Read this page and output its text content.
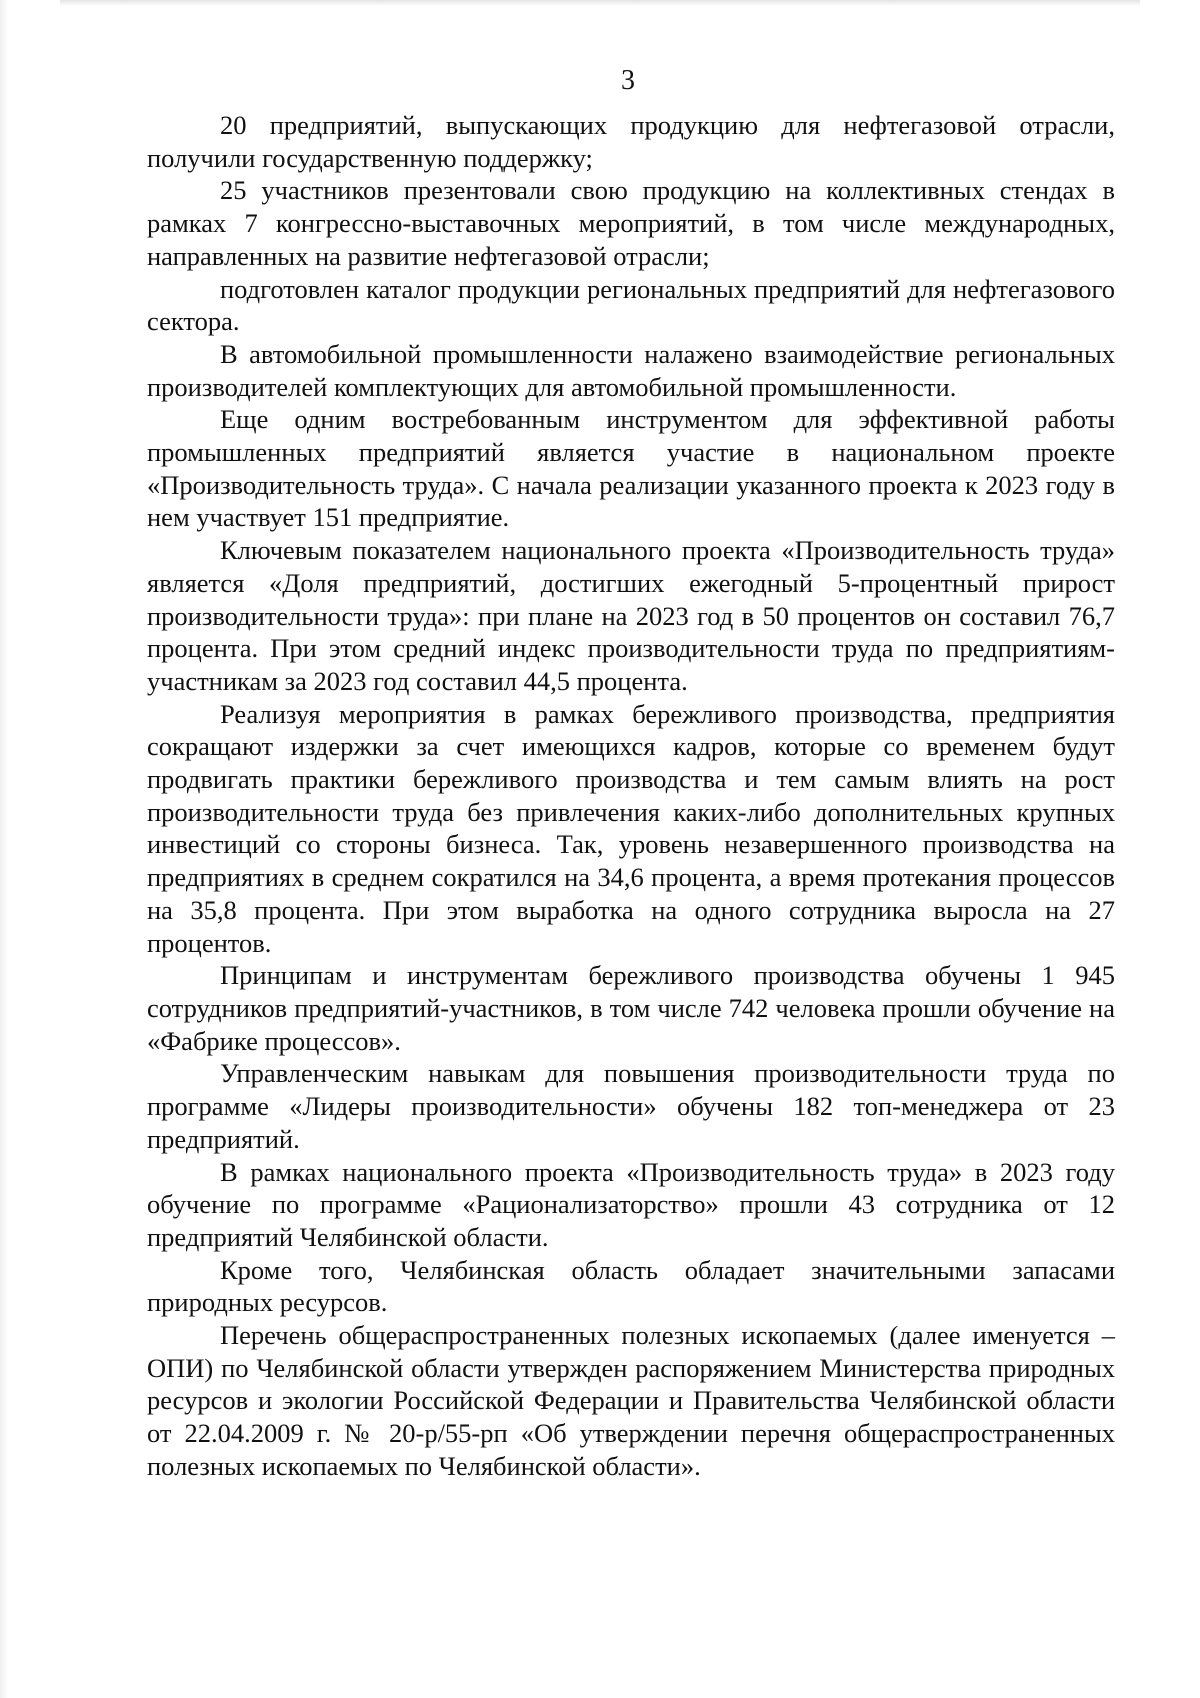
3

20 предприятий, выпускающих продукцию для нефтегазовой отрасли, получили государственную поддержку;

25 участников презентовали свою продукцию на коллективных стендах в рамках 7 конгрессно-выставочных мероприятий, в том числе международных, направленных на развитие нефтегазовой отрасли;

подготовлен каталог продукции региональных предприятий для нефтегазового сектора.

В автомобильной промышленности налажено взаимодействие региональных производителей комплектующих для автомобильной промышленности.

Еще одним востребованным инструментом для эффективной работы промышленных предприятий является участие в национальном проекте «Производительность труда». С начала реализации указанного проекта к 2023 году в нем участвует 151 предприятие.

Ключевым показателем национального проекта «Производительность труда» является «Доля предприятий, достигших ежегодный 5-процентный прирост производительности труда»: при плане на 2023 год в 50 процентов он составил 76,7 процента. При этом средний индекс производительности труда по предприятиям-участникам за 2023 год составил 44,5 процента.

Реализуя мероприятия в рамках бережливого производства, предприятия сокращают издержки за счет имеющихся кадров, которые со временем будут продвигать практики бережливого производства и тем самым влиять на рост производительности труда без привлечения каких-либо дополнительных крупных инвестиций со стороны бизнеса. Так, уровень незавершенного производства на предприятиях в среднем сократился на 34,6 процента, а время протекания процессов на 35,8 процента. При этом выработка на одного сотрудника выросла на 27 процентов.

Принципам и инструментам бережливого производства обучены 1 945 сотрудников предприятий-участников, в том числе 742 человека прошли обучение на «Фабрике процессов».

Управленческим навыкам для повышения производительности труда по программе «Лидеры производительности» обучены 182 топ-менеджера от 23 предприятий.

В рамках национального проекта «Производительность труда» в 2023 году обучение по программе «Рационализаторство» прошли 43 сотрудника от 12 предприятий Челябинской области.

Кроме того, Челябинская область обладает значительными запасами природных ресурсов.

Перечень общераспространенных полезных ископаемых (далее именуется – ОПИ) по Челябинской области утвержден распоряжением Министерства природных ресурсов и экологии Российской Федерации и Правительства Челябинской области от 22.04.2009 г. № 20-р/55-рп «Об утверждении перечня общераспространенных полезных ископаемых по Челябинской области».
